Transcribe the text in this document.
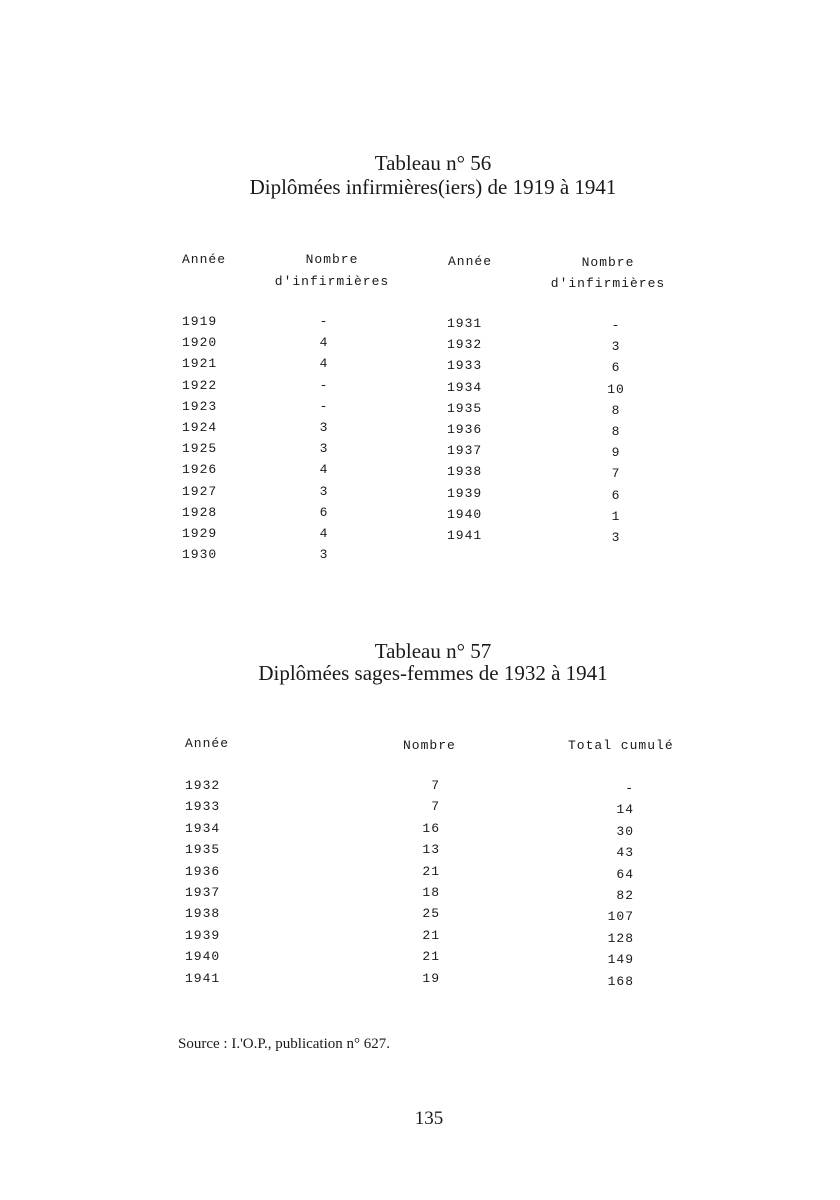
Tableau n° 56
Diplômées infirmières(iers) de 1919 à 1941
Année	Nombre
d'infirmières
Année	Nombre
d'infirmières
1919	-
1920	4
1921	4
1922	-
1923	-
1924	3
1925	3
1926	4
1927	3
1928	6
1929	4
1930	3
1931	-
1932	3
1933	6
1934	10
1935	8
1936	8
1937	9
1938	7
1939	6
1940	1
1941	3
Tableau n° 57
Diplômées sages-femmes de 1932 à 1941
Année	Nombre	Total cumulé
1932	7	-
1933	7	14
1934	16	30
1935	13	43
1936	21	64
1937	18	82
1938	25	107
1939	21	128
1940	21	149
1941	19	168
Source : I.'O.P., publication n° 627.
135
